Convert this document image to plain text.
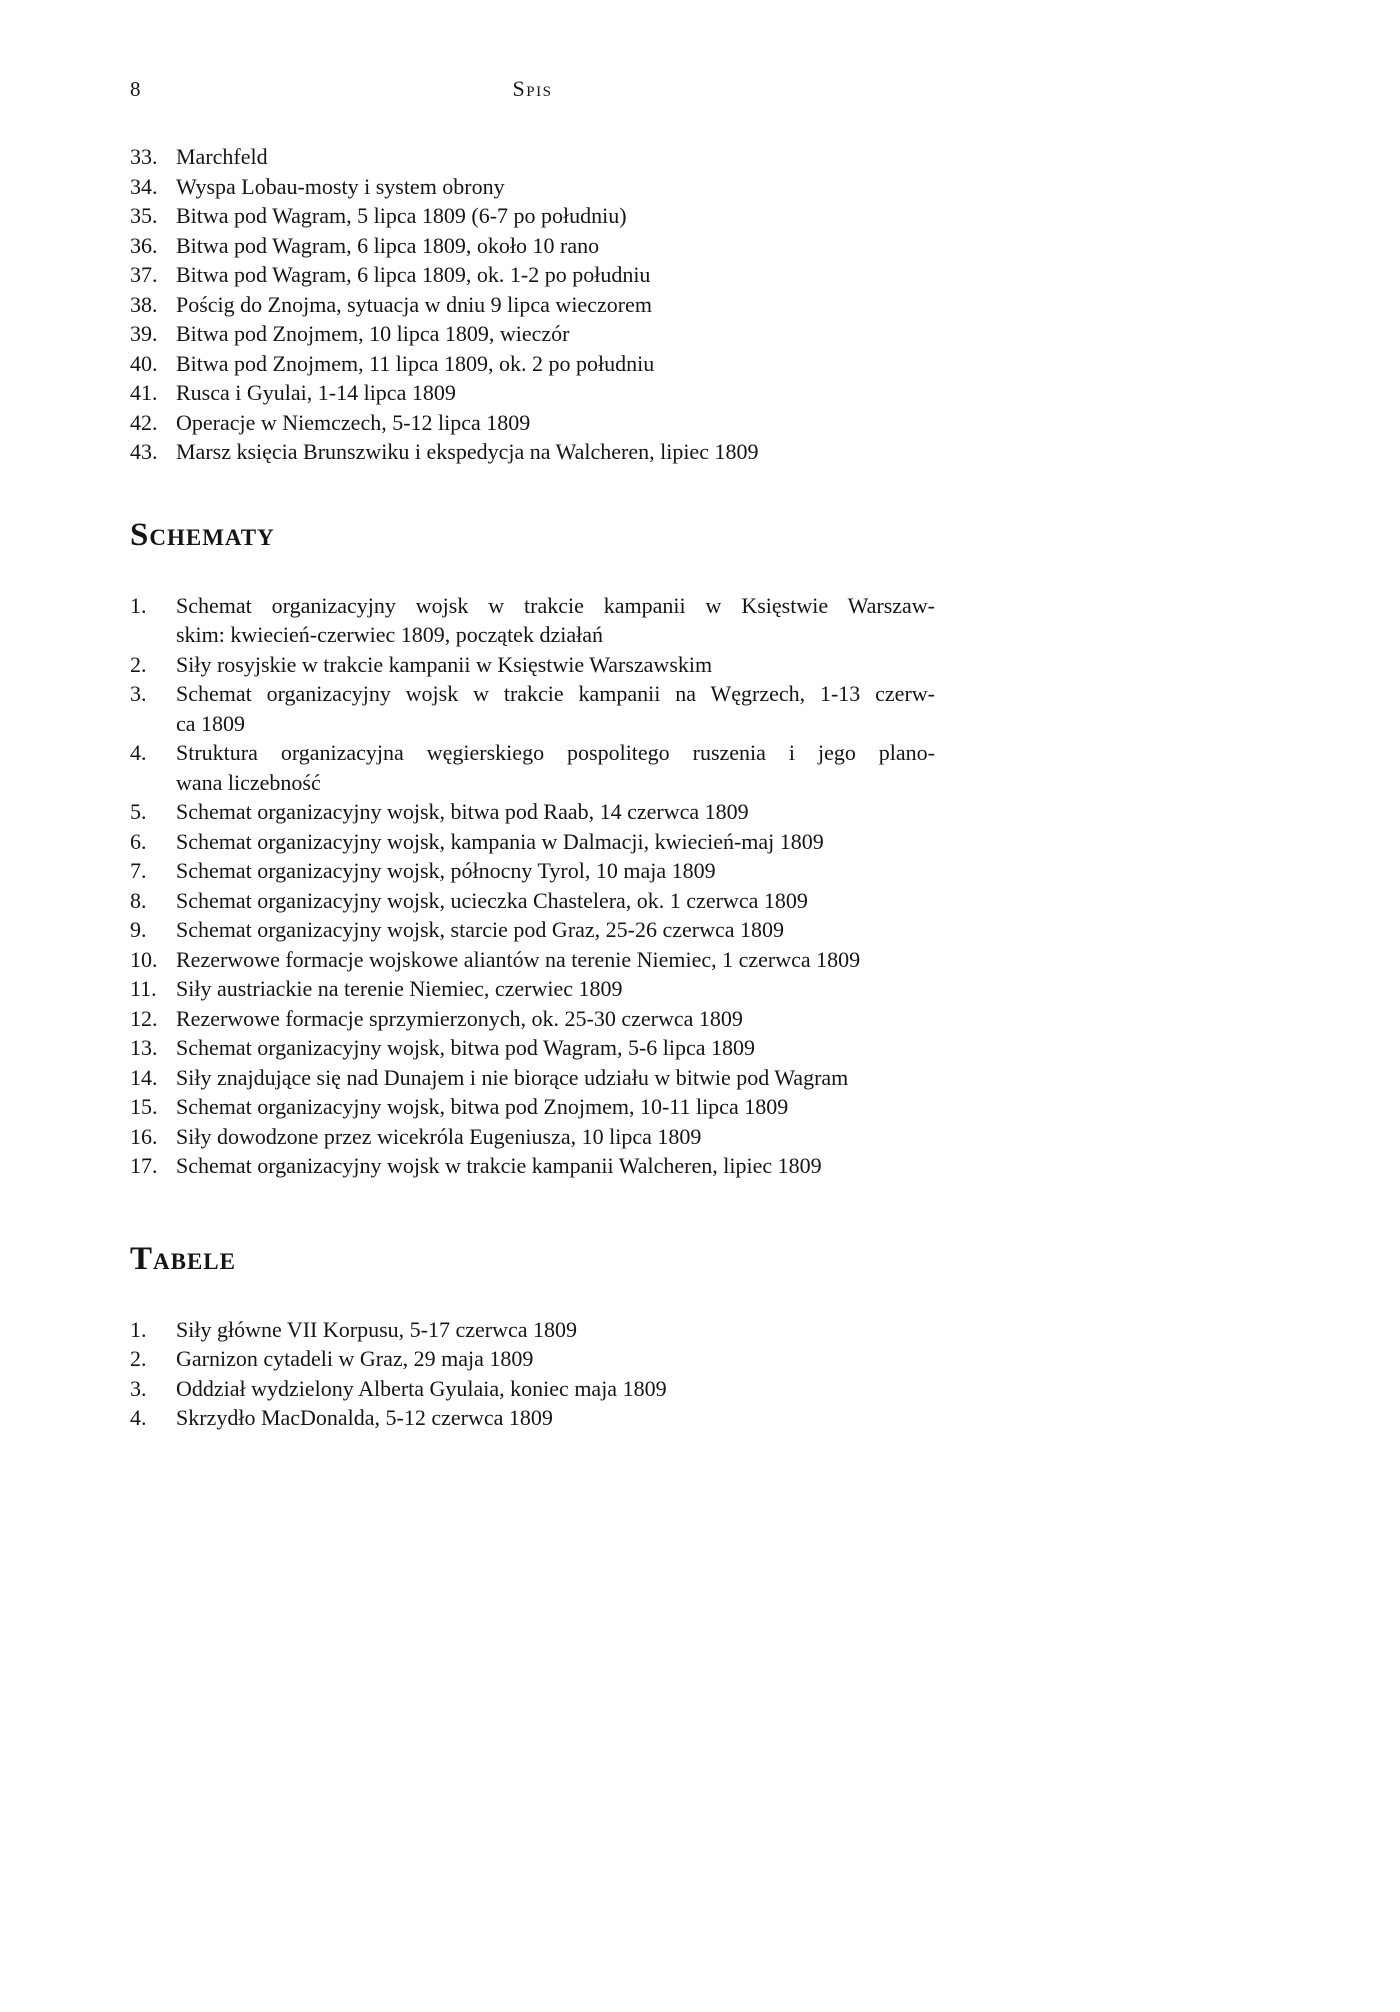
8	Spis
33. Marchfeld
34. Wyspa Lobau-mosty i system obrony
35. Bitwa pod Wagram, 5 lipca 1809 (6-7 po południu)
36. Bitwa pod Wagram, 6 lipca 1809, około 10 rano
37. Bitwa pod Wagram, 6 lipca 1809, ok. 1-2 po południu
38. Pościg do Znojma, sytuacja w dniu 9 lipca wieczorem
39. Bitwa pod Znojmem, 10 lipca 1809, wieczór
40. Bitwa pod Znojmem, 11 lipca 1809, ok. 2 po południu
41. Rusca i Gyulai, 1-14 lipca 1809
42. Operacje w Niemczech, 5-12 lipca 1809
43. Marsz księcia Brunszwiku i ekspedycja na Walcheren, lipiec 1809
Schematy
1.	Schemat organizacyjny wojsk w trakcie kampanii w Księstwie Warszaw-
skim: kwiecień-czerwiec 1809, początek działań
2.	Siły rosyjskie w trakcie kampanii w Księstwie Warszawskim
3.	Schemat organizacyjny wojsk w trakcie kampanii na Węgrzech, 1-13 czerw-
ca 1809
4.	Struktura organizacyjna węgierskiego pospolitego ruszenia i jego plano-
wana liczebność
5.	Schemat organizacyjny wojsk, bitwa pod Raab, 14 czerwca 1809
6.	Schemat organizacyjny wojsk, kampania w Dalmacji, kwiecień-maj 1809
7.	Schemat organizacyjny wojsk, północny Tyrol, 10 maja 1809
8.	Schemat organizacyjny wojsk, ucieczka Chastelera, ok. 1 czerwca 1809
9.	Schemat organizacyjny wojsk, starcie pod Graz, 25-26 czerwca 1809
10. Rezerwowe formacje wojskowe aliantów na terenie Niemiec, 1 czerwca 1809
11. Siły austriackie na terenie Niemiec, czerwiec 1809
12. Rezerwowe formacje sprzymierzonych, ok. 25-30 czerwca 1809
13. Schemat organizacyjny wojsk, bitwa pod Wagram, 5-6 lipca 1809
14. Siły znajdujące się nad Dunajem i nie biorące udziału w bitwie pod Wagram
15. Schemat organizacyjny wojsk, bitwa pod Znojmem, 10-11 lipca 1809
16. Siły dowodzone przez wicekróla Eugeniusza, 10 lipca 1809
17. Schemat organizacyjny wojsk w trakcie kampanii Walcheren, lipiec 1809
Tabele
1.	Siły główne VII Korpusu, 5-17 czerwca 1809
2.	Garnizon cytadeli w Graz, 29 maja 1809
3.	Oddział wydzielony Alberta Gyulaia, koniec maja 1809
4.	Skrzydło MacDonalda, 5-12 czerwca 1809
